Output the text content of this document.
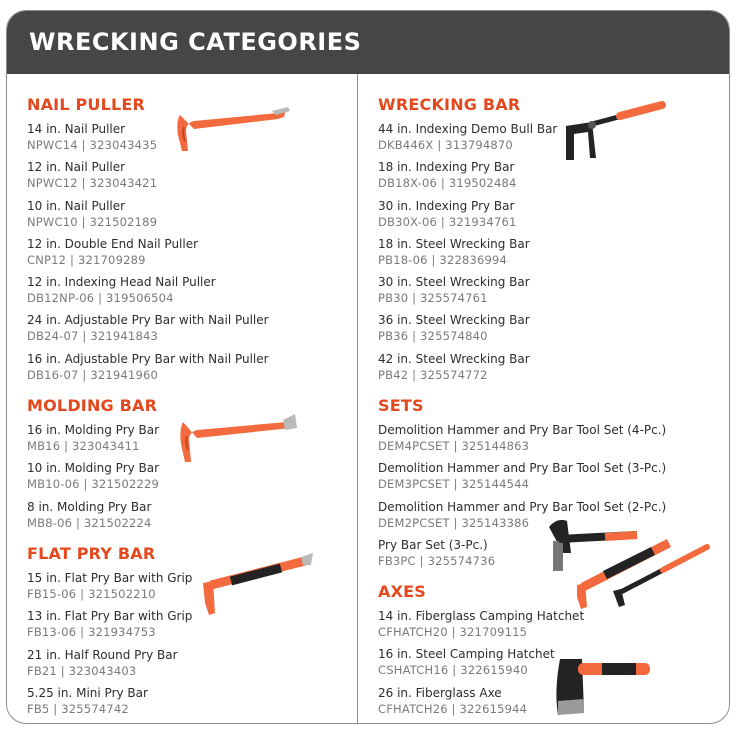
WRECKING CATEGORIES
NAIL PULLER
14 in. Nail Puller
NPWC14 | 323043435
12 in. Nail Puller
NPWC12 | 323043421
10 in. Nail Puller
NPWC10 | 321502189
12 in. Double End Nail Puller
CNP12 | 321709289
12 in. Indexing Head Nail Puller
DB12NP-06 | 319506504
24 in. Adjustable Pry Bar with Nail Puller
DB24-07 | 321941843
16 in. Adjustable Pry Bar with Nail Puller
DB16-07 | 321941960
MOLDING BAR
16 in. Molding Pry Bar
MB16 | 323043411
10 in. Molding Pry Bar
MB10-06 | 321502229
8 in. Molding Pry Bar
MB8-06 | 321502224
FLAT PRY BAR
15 in. Flat Pry Bar with Grip
FB15-06 | 321502210
13 in. Flat Pry Bar with Grip
FB13-06 | 321934753
21 in. Half Round Pry Bar
FB21 | 323043403
5.25 in. Mini Pry Bar
FB5 | 325574742
WRECKING BAR
44 in. Indexing Demo Bull Bar
DKB446X | 313794870
18 in. Indexing Pry Bar
DB18X-06 | 319502484
30 in. Indexing Pry Bar
DB30X-06 | 321934761
18 in. Steel Wrecking Bar
PB18-06 | 322836994
30 in. Steel Wrecking Bar
PB30 | 325574761
36 in. Steel Wrecking Bar
PB36 | 325574840
42 in. Steel Wrecking Bar
PB42 | 325574772
SETS
Demolition Hammer and Pry Bar Tool Set (4-Pc.)
DEM4PCSET | 325144863
Demolition Hammer and Pry Bar Tool Set (3-Pc.)
DEM3PCSET | 325144544
Demolition Hammer and Pry Bar Tool Set (2-Pc.)
DEM2PCSET | 325143386
Pry Bar Set (3-Pc.)
FB3PC | 325574736
AXES
14 in. Fiberglass Camping Hatchet
CFHATCH20 | 321709115
16 in. Steel Camping Hatchet
CSHATCH16 | 322615940
26 in. Fiberglass Axe
CFHATCH26 | 322615944
